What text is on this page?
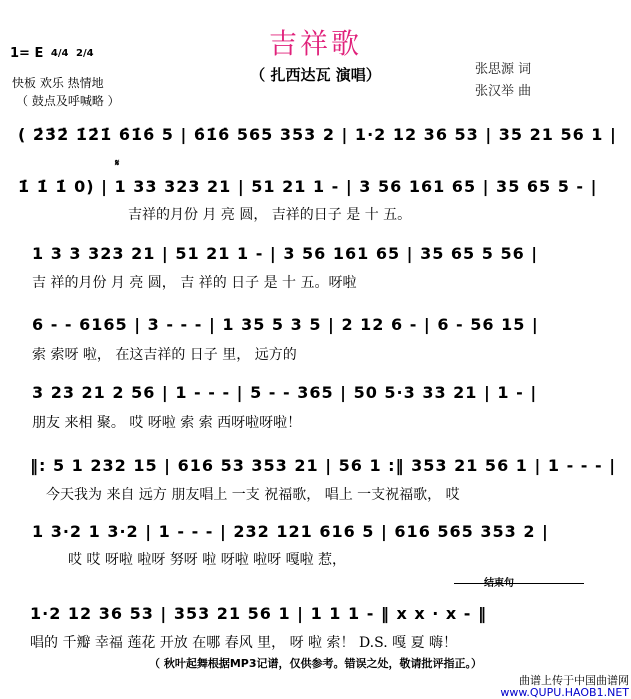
吉祥歌
（ 扎西达瓦 演唱）
1= E 4/4 2/4
快板 欢乐 热情地
（ 鼓点及呼喊略 ）
张思源 词
张汉举 曲
( 2̇3̇2̇ 1̇2̇1̇ 6̇1̇6̇ 5 | 6̇1̇6̇ 565 353 2 | 1·2 12 36 53 | 35 21 56 1 |
𝄋
1̇ 1̇ 1̇ 0) | 1 33 323 21 | 51 21 1 - | 3 56 161 65 | 35 65 5 - |
吉祥的月份 月 亮 圆， 吉祥的日子 是 十 五。
1 3 3 323 21 | 51 21 1 - | 3 56 161 65 | 35 65 5 56 |
吉 祥的月份 月 亮 圆， 吉 祥的 日子 是 十 五。呀啦
6 - - 6165 | 3 - - - | 1 35 5 3 5 | 2 12 6 - | 6 - 56 15 |
索 索呀 啦， 在这吉祥的 日子 里， 远方的
3 23 21 2 56 | 1 - - - | 5 - - 365 | 50 5·3 33 21 | 1 - |
朋友 来相 聚。 哎 呀啦 索 索 西呀啦呀啦！
‖: 5 1 232 15 | 616 53 353 21 | 56 1 :‖ 353 21 56 1 | 1 - - - |
今天我为 来自 远方 朋友唱上 一支 祝福歌， 唱上 一支祝福歌， 哎
1 3·2 1 3·2 | 1 - - - | 232 121 616 5 | 616 565 353 2 |
哎 哎 呀啦 啦呀 努呀 啦 呀啦 啦呀 嘎啦 惹，
结束句
1·2 12 36 53 | 353 21 56 1 | 1 1 1 - ‖ x x · x - ‖
唱的 千瓣 幸福 莲花 开放 在哪 春风 里， 呀 啦 索！ D.S. 嘎 夏 嗨！
（ 秋叶起舞根据MP3记谱，仅供参考。错误之处，敬请批评指正。）
曲谱上传于中国曲谱网
www.QUPU.HAOB1.NET
